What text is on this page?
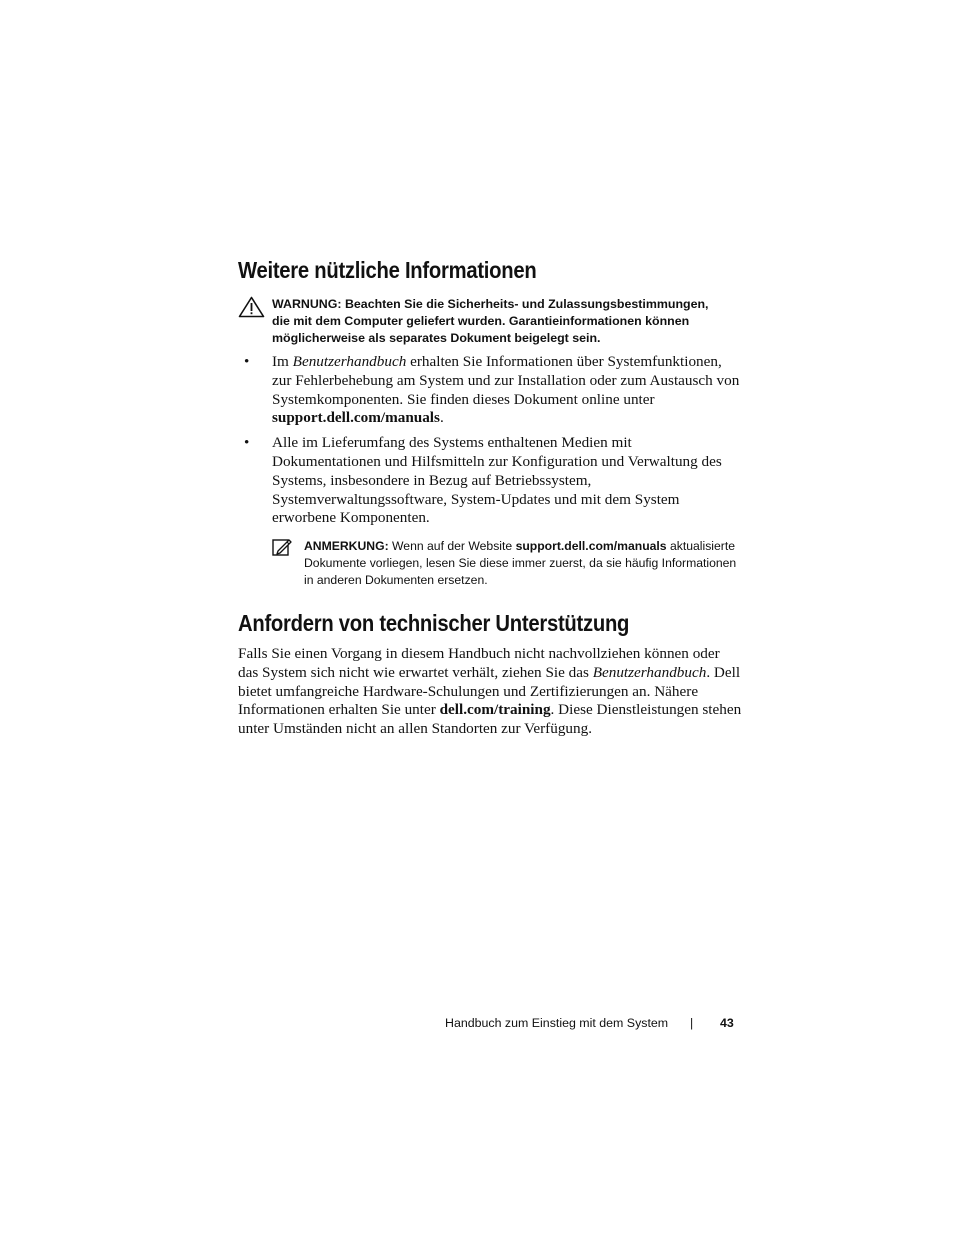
Weitere nützliche Informationen
WARNUNG: Beachten Sie die Sicherheits- und Zulassungsbestimmungen,
die mit dem Computer geliefert wurden. Garantieinformationen können
möglicherweise als separates Dokument beigelegt sein.
• Im Benutzerhandbuch erhalten Sie Informationen über Systemfunktionen, zur Fehlerbehebung am System und zur Installation oder zum Austausch von Systemkomponenten. Sie finden dieses Dokument online unter support.dell.com/manuals.
• Alle im Lieferumfang des Systems enthaltenen Medien mit Dokumentationen und Hilfsmitteln zur Konfiguration und Verwaltung des Systems, insbesondere in Bezug auf Betriebssystem, Systemverwaltungssoftware, System-Updates und mit dem System erworbene Komponenten.
ANMERKUNG: Wenn auf der Website support.dell.com/manuals aktualisierte Dokumente vorliegen, lesen Sie diese immer zuerst, da sie häufig Informationen in anderen Dokumenten ersetzen.
Anfordern von technischer Unterstützung

Falls Sie einen Vorgang in diesem Handbuch nicht nachvollziehen können oder das System sich nicht wie erwartet verhält, ziehen Sie das Benutzerhandbuch. Dell bietet umfangreiche Hardware-Schulungen und Zertifizierungen an. Nähere Informationen erhalten Sie unter dell.com/training. Diese Dienstleistungen stehen unter Umständen nicht an allen Standorten zur Verfügung.

Handbuch zum Einstieg mit dem System | 43
